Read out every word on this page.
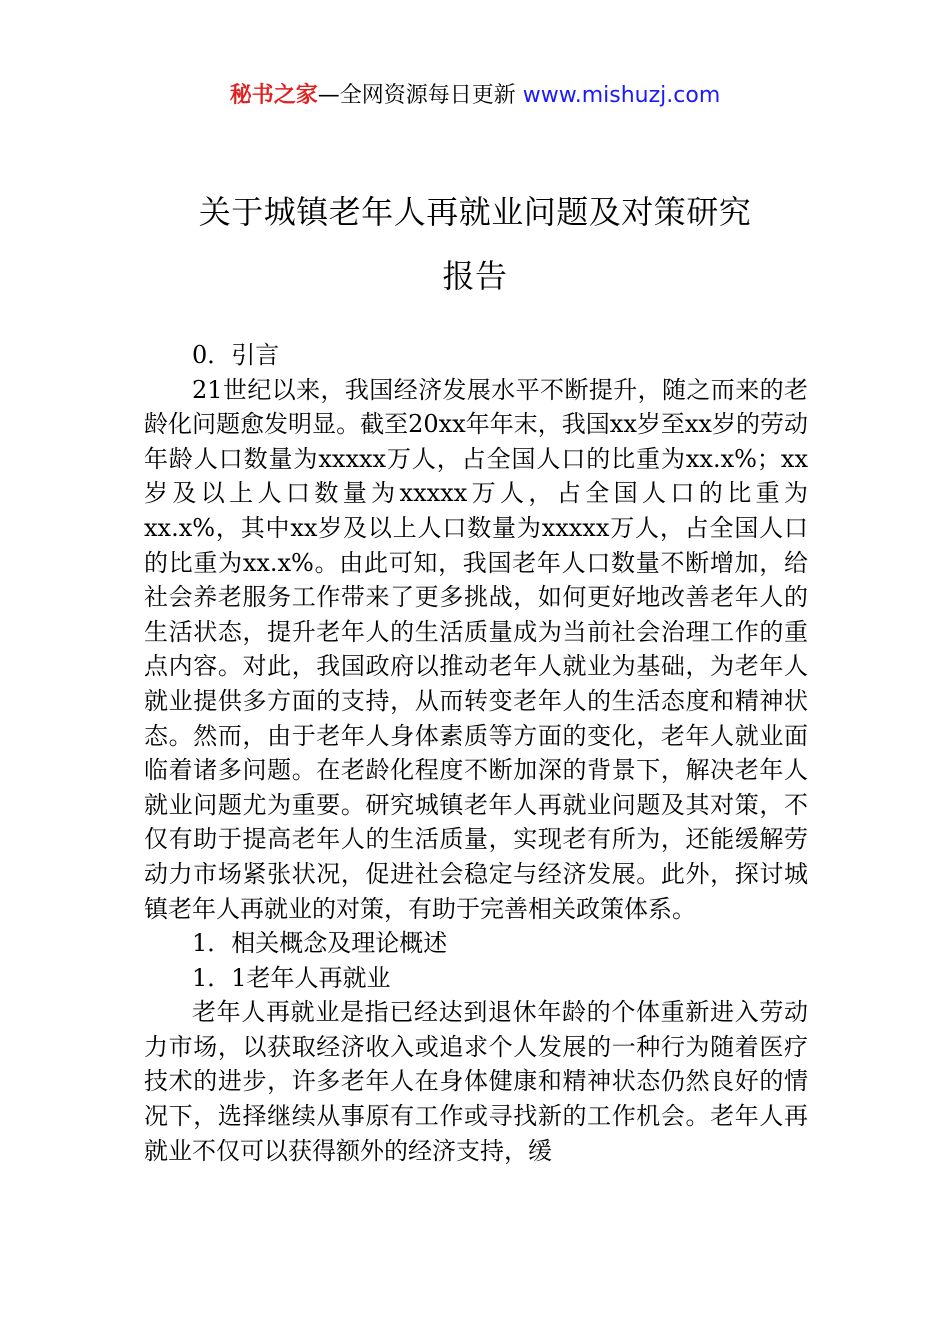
秘书之家—全网资源每日更新 www.mishuzj.com
关于城镇老年人再就业问题及对策研究
报告

0．引言

21世纪以来，我国经济发展水平不断提升，随之而来的老龄化问题愈发明显。截至20xx年年末，我国xx岁至xx岁的劳动年龄人口数量为xxxxx万人，占全国人口的比重为xx.x%；xx岁及以上人口数量为xxxxx万人，占全国人口的比重为xx.x%，其中xx岁及以上人口数量为xxxxx万人，占全国人口的比重为xx.x%。由此可知，我国老年人口数量不断增加，给社会养老服务工作带来了更多挑战，如何更好地改善老年人的生活状态，提升老年人的生活质量成为当前社会治理工作的重点内容。对此，我国政府以推动老年人就业为基础，为老年人就业提供多方面的支持，从而转变老年人的生活态度和精神状态。然而，由于老年人身体素质等方面的变化，老年人就业面临着诸多问题。在老龄化程度不断加深的背景下，解决老年人就业问题尤为重要。研究城镇老年人再就业问题及其对策，不仅有助于提高老年人的生活质量，实现老有所为，还能缓解劳动力市场紧张状况，促进社会稳定与经济发展。此外，探讨城镇老年人再就业的对策，有助于完善相关政策体系。

1．相关概念及理论概述

1．1老年人再就业

老年人再就业是指已经达到退休年龄的个体重新进入劳动力市场，以获取经济收入或追求个人发展的一种行为随着医疗技术的进步，许多老年人在身体健康和精神状态仍然良好的情况下，选择继续从事原有工作或寻找新的工作机会。老年人再就业不仅可以获得额外的经济支持，缓
